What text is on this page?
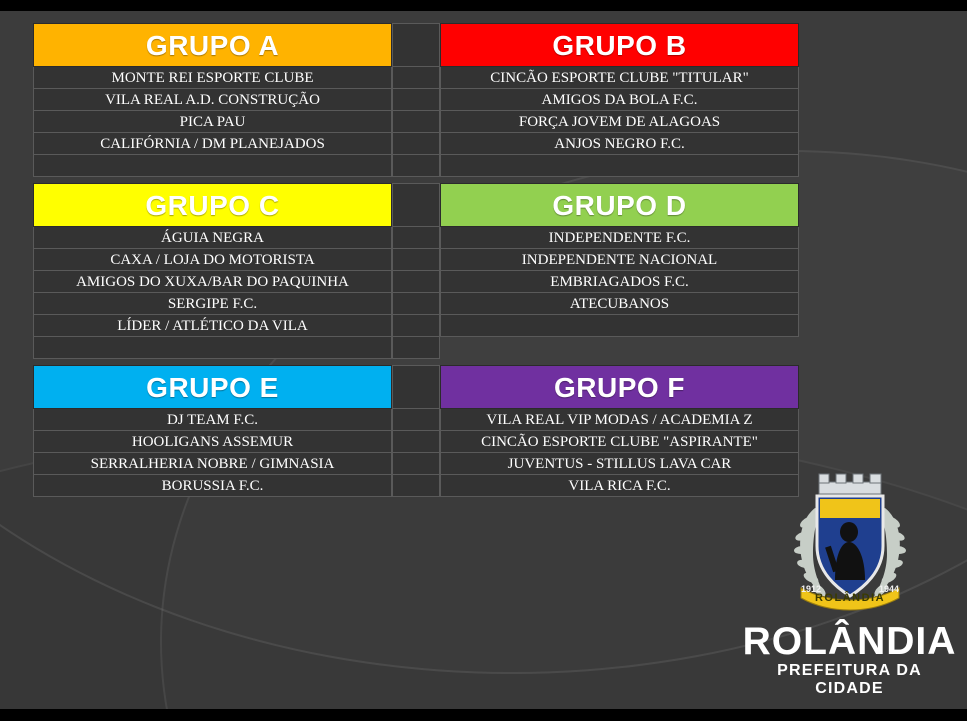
GRUPO A
MONTE REI ESPORTE CLUBE
VILA REAL A.D. CONSTRUÇÃO
PICA PAU
CALIFÓRNIA / DM PLANEJADOS
GRUPO B
CINCÃO ESPORTE CLUBE "TITULAR"
AMIGOS DA BOLA F.C.
FORÇA JOVEM DE ALAGOAS
ANJOS NEGRO F.C.
GRUPO C
ÁGUIA NEGRA
CAXA / LOJA DO MOTORISTA
AMIGOS DO XUXA/BAR DO PAQUINHA
SERGIPE F.C.
LÍDER / ATLÉTICO DA VILA
GRUPO D
INDEPENDENTE F.C.
INDEPENDENTE NACIONAL
EMBRIAGADOS F.C.
ATECUBANOS
GRUPO E
DJ TEAM F.C.
HOOLIGANS ASSEMUR
SERRALHERIA NOBRE / GIMNASIA
BORUSSIA F.C.
GRUPO F
VILA REAL VIP MODAS / ACADEMIA Z
CINCÃO ESPORTE CLUBE "ASPIRANTE"
JUVENTUS - STILLUS LAVA CAR
VILA RICA F.C.
ROLÂNDIA
1912	1944
ROLÂNDIA
PREFEITURA DA CIDADE
